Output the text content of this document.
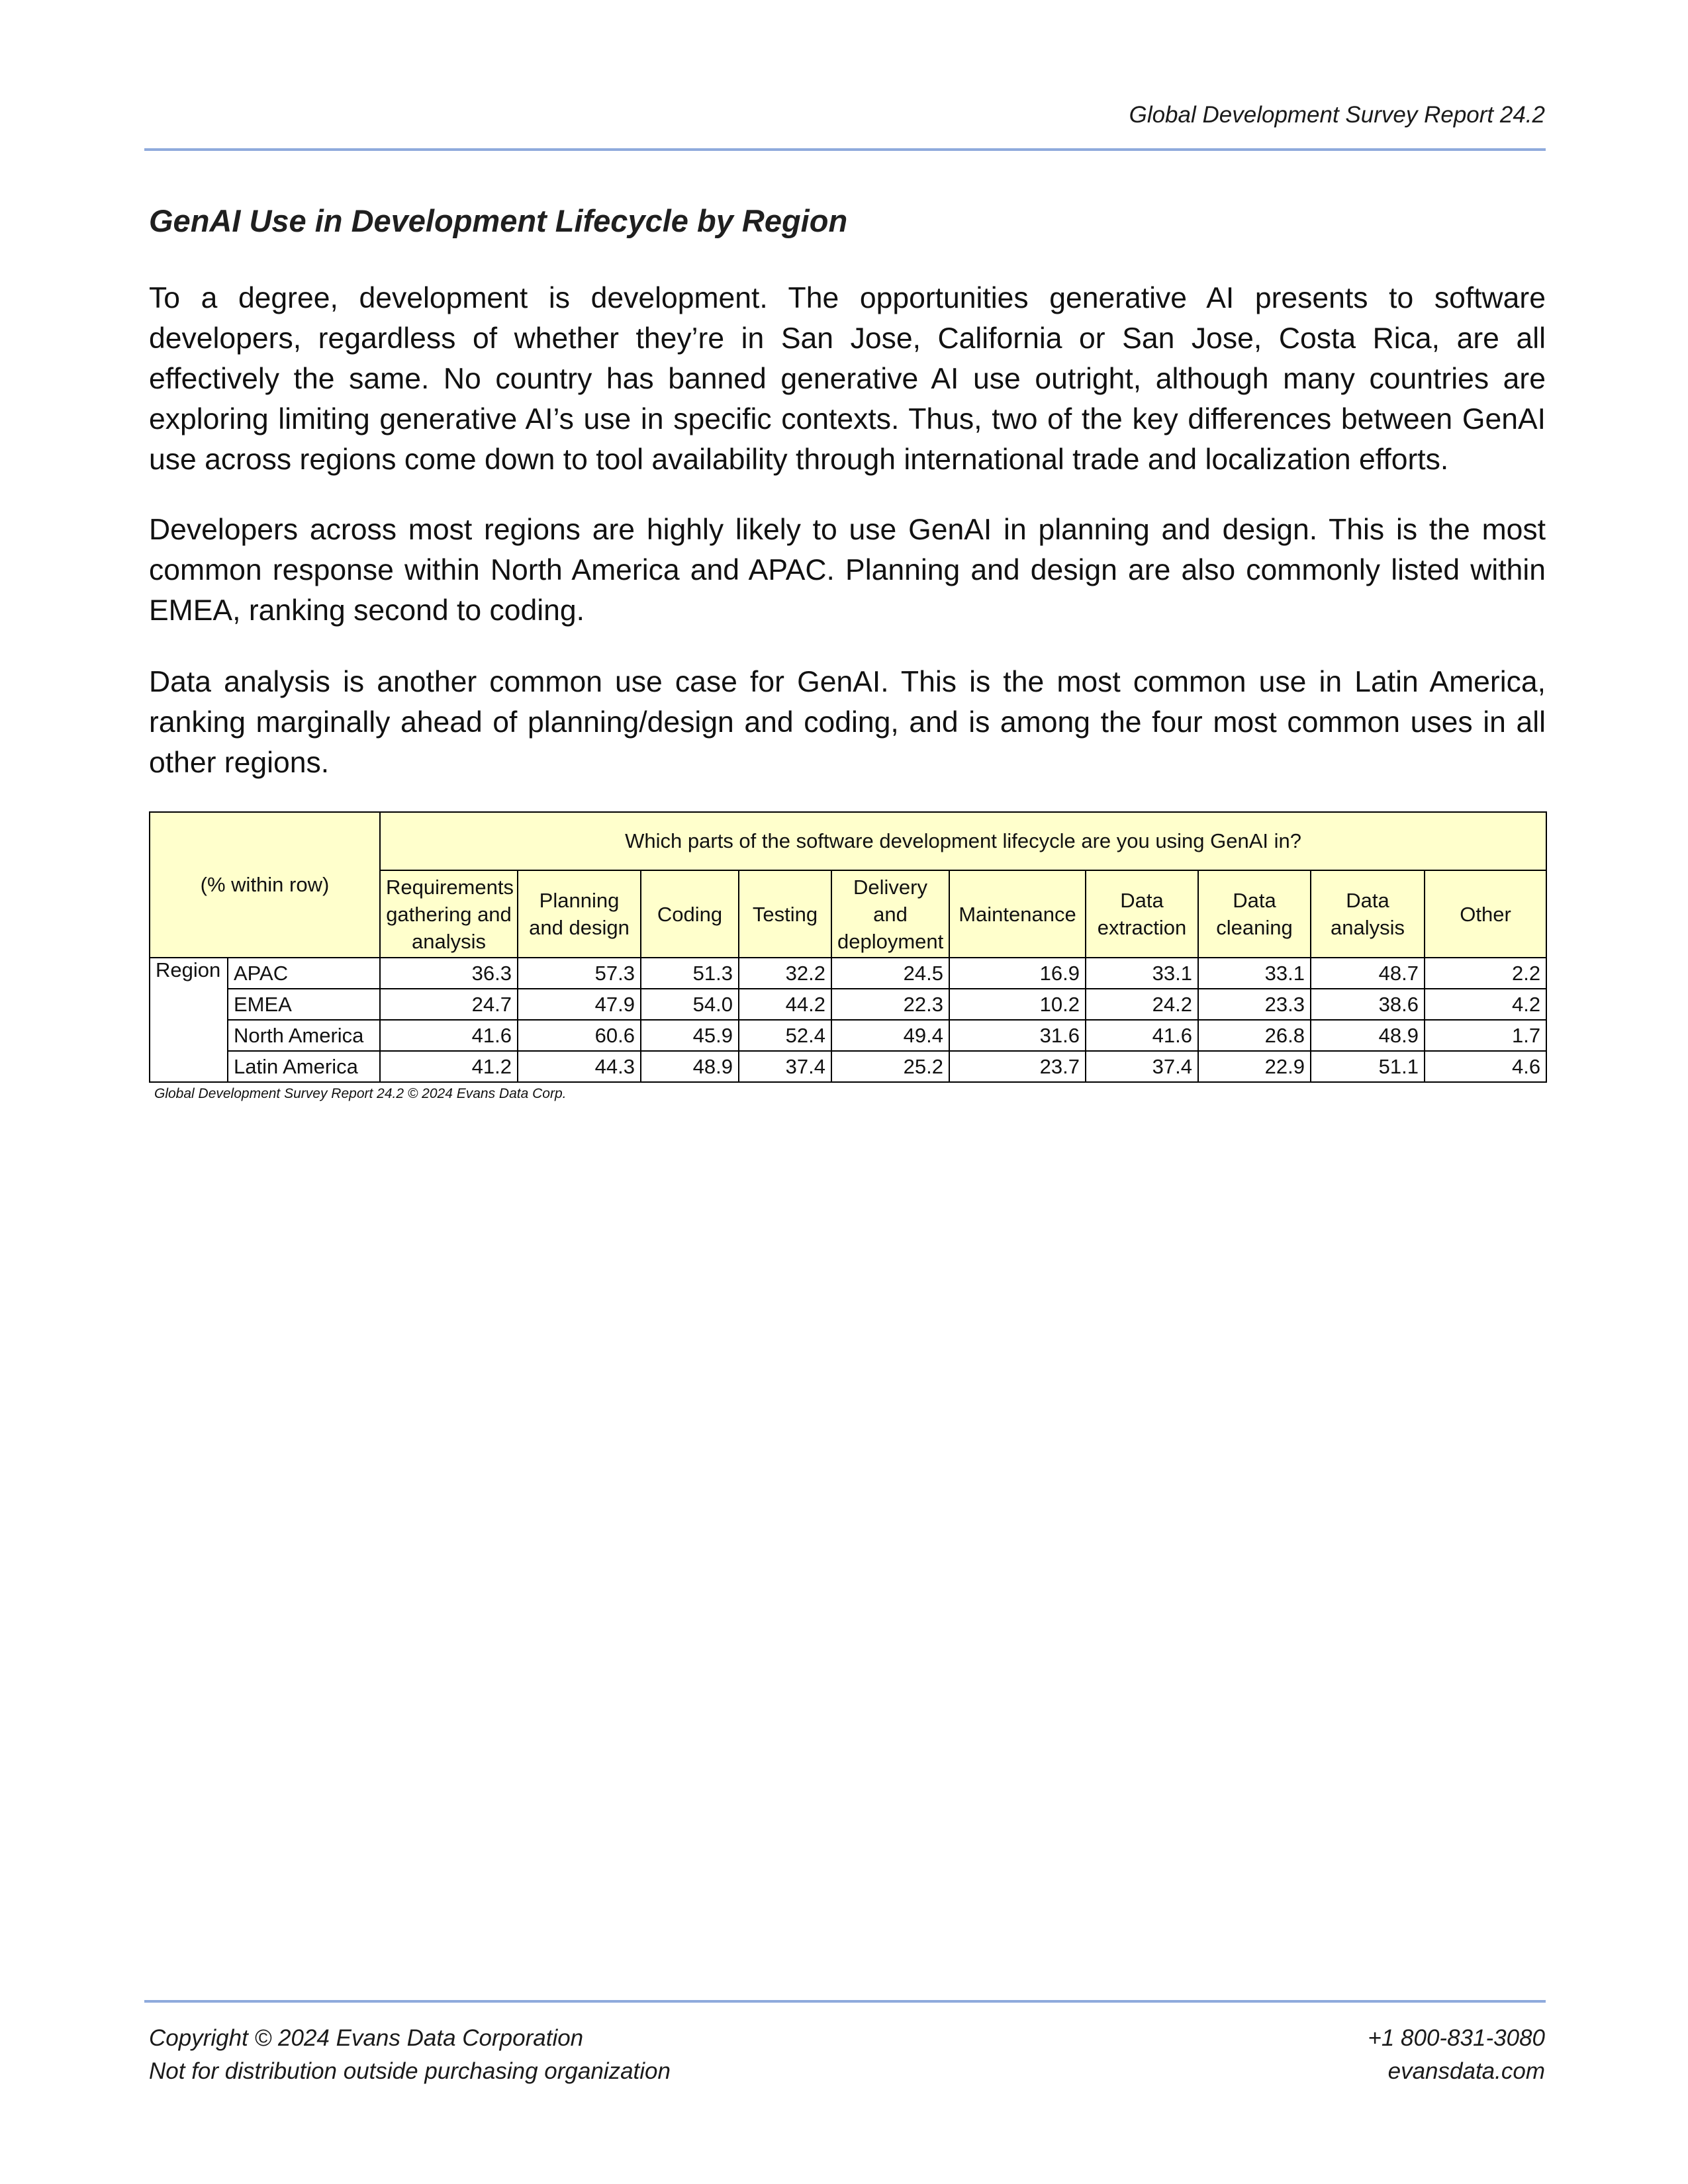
Global Development Survey Report 24.2
GenAI Use in Development Lifecycle by Region

To a degree, development is development. The opportunities generative AI presents to software developers, regardless of whether they’re in San Jose, California or San Jose, Costa Rica, are all effectively the same. No country has banned generative AI use outright, although many countries are exploring limiting generative AI’s use in specific contexts. Thus, two of the key differences between GenAI use across regions come down to tool availability through international trade and localization efforts.

Developers across most regions are highly likely to use GenAI in planning and design. This is the most common response within North America and APAC. Planning and design are also commonly listed within EMEA, ranking second to coding.

Data analysis is another common use case for GenAI. This is the most common use in Latin America, ranking marginally ahead of planning/design and coding, and is among the four most common uses in all other regions.

(% within row)		Which parts of the software development lifecycle are you using GenAI in?									
		Requirements gathering and analysis	Planning and design	Coding	Testing	Delivery and deployment	Maintenance	Data extraction	Data cleaning	Data analysis	Other
Region	APAC	36.3	57.3	51.3	32.2	24.5	16.9	33.1	33.1	48.7	2.2
	EMEA	24.7	47.9	54.0	44.2	22.3	10.2	24.2	23.3	38.6	4.2
	North America	41.6	60.6	45.9	52.4	49.4	31.6	41.6	26.8	48.9	1.7
	Latin America	41.2	44.3	48.9	37.4	25.2	23.7	37.4	22.9	51.1	4.6
Global Development Survey Report 24.2 © 2024 Evans Data Corp.
Copyright © 2024 Evans Data Corporation
Not for distribution outside purchasing organization
+1 800-831-3080
evansdata.com
